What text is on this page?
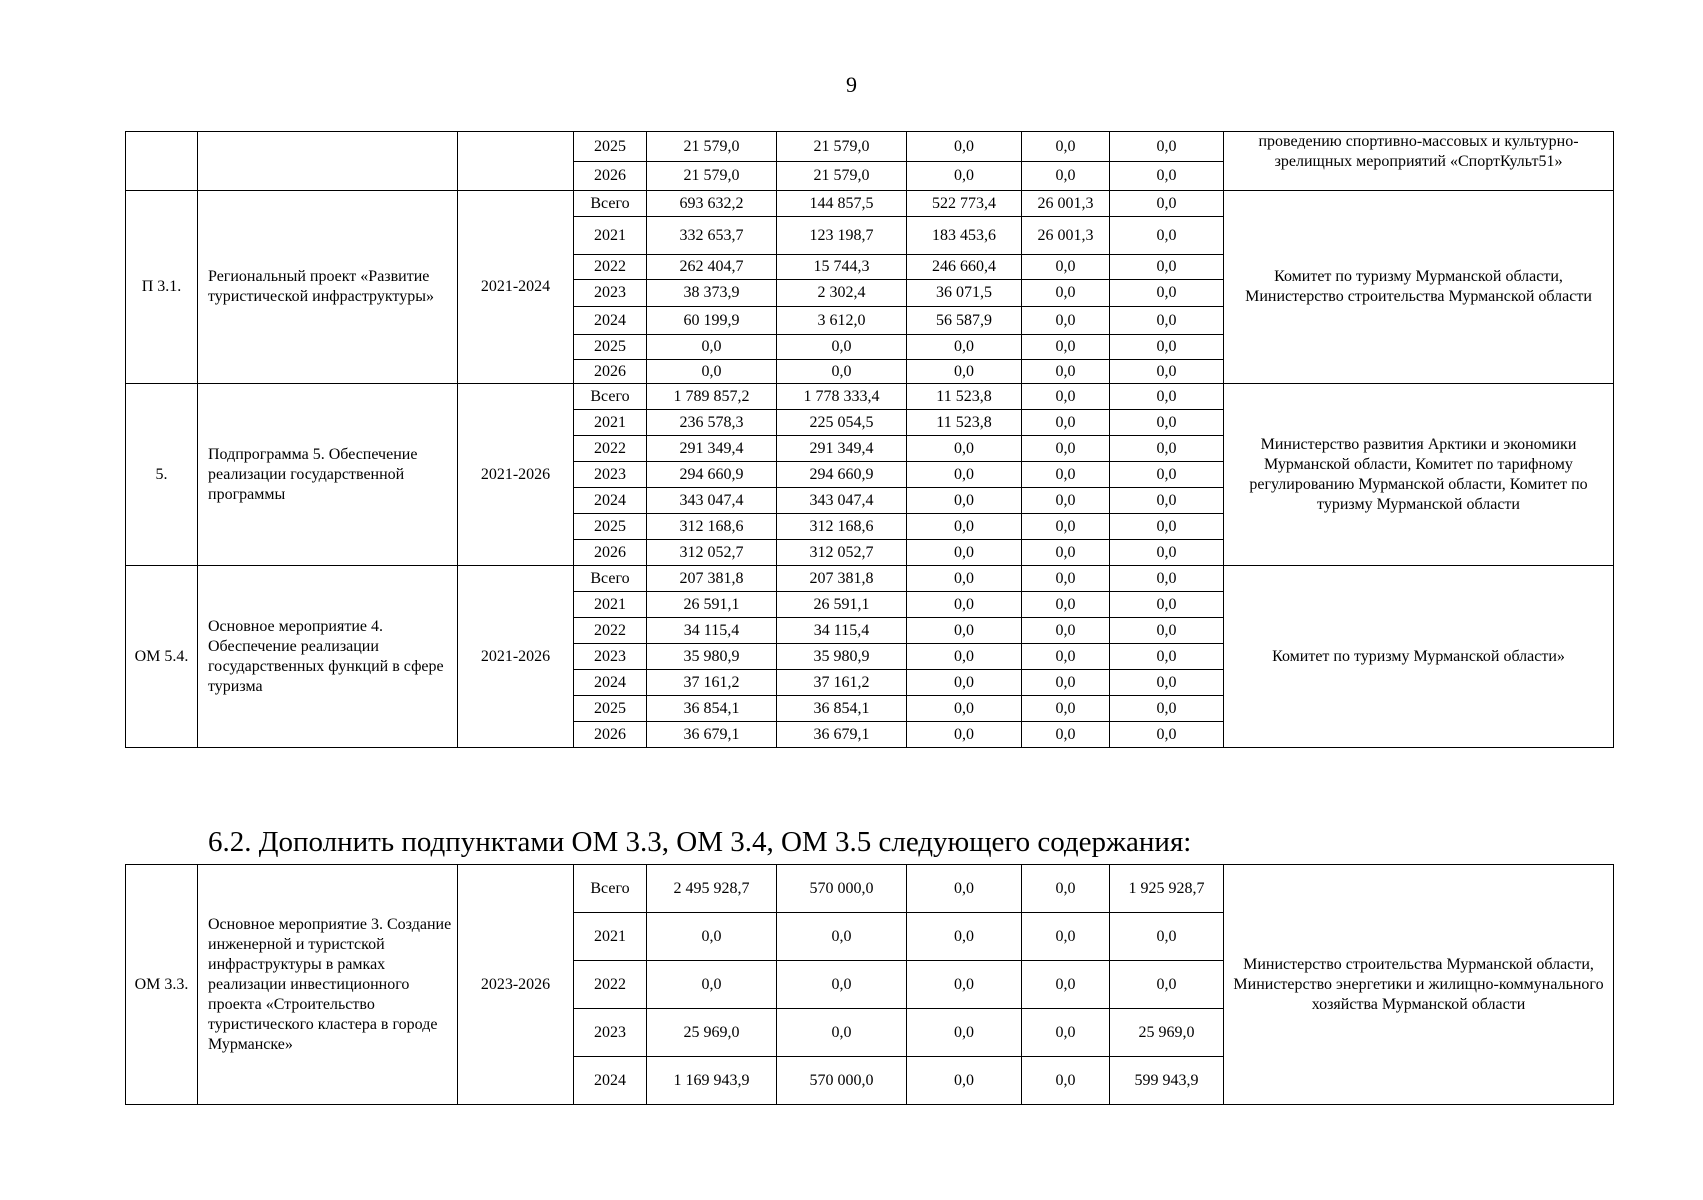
9
			2025	21 579,0	21 579,0	0,0	0,0	0,0	проведению спортивно-массовых и культурно-зрелищных мероприятий «СпортКульт51»
			2026	21 579,0	21 579,0	0,0	0,0	0,0	
П 3.1.	Региональный проект «Развитие туристической инфраструктуры»	2021-2024	Всего	693 632,2	144 857,5	522 773,4	26 001,3	0,0	Комитет по туризму Мурманской области, Министерство строительства Мурманской области
			2021	332 653,7	123 198,7	183 453,6	26 001,3	0,0	
			2022	262 404,7	15 744,3	246 660,4	0,0	0,0	
			2023	38 373,9	2 302,4	36 071,5	0,0	0,0	
			2024	60 199,9	3 612,0	56 587,9	0,0	0,0	
			2025	0,0	0,0	0,0	0,0	0,0	
			2026	0,0	0,0	0,0	0,0	0,0	
5.	Подпрограмма 5. Обеспечение реализации государственной программы	2021-2026	Всего	1 789 857,2	1 778 333,4	11 523,8	0,0	0,0	Министерство развития Арктики и экономики Мурманской области, Комитет по тарифному регулированию Мурманской области, Комитет по туризму Мурманской области
			2021	236 578,3	225 054,5	11 523,8	0,0	0,0	
			2022	291 349,4	291 349,4	0,0	0,0	0,0	
			2023	294 660,9	294 660,9	0,0	0,0	0,0	
			2024	343 047,4	343 047,4	0,0	0,0	0,0	
			2025	312 168,6	312 168,6	0,0	0,0	0,0	
			2026	312 052,7	312 052,7	0,0	0,0	0,0	
ОМ 5.4.	Основное мероприятие 4. Обеспечение реализации государственных функций в сфере туризма	2021-2026	Всего	207 381,8	207 381,8	0,0	0,0	0,0	Комитет по туризму Мурманской области»
			2021	26 591,1	26 591,1	0,0	0,0	0,0	
			2022	34 115,4	34 115,4	0,0	0,0	0,0	
			2023	35 980,9	35 980,9	0,0	0,0	0,0	
			2024	37 161,2	37 161,2	0,0	0,0	0,0	
			2025	36 854,1	36 854,1	0,0	0,0	0,0	
			2026	36 679,1	36 679,1	0,0	0,0	0,0	
6.2. Дополнить подпунктами ОМ 3.3, ОМ 3.4, ОМ 3.5 следующего содержания:
ОМ 3.3.	Основное мероприятие 3. Создание инженерной и туристской инфраструктуры в рамках реализации инвестиционного проекта «Строительство туристического кластера в городе Мурманске»	2023-2026	Всего	2 495 928,7	570 000,0	0,0	0,0	1 925 928,7	Министерство строительства Мурманской области, Министерство энергетики и жилищно-коммунального хозяйства Мурманской области
			2021	0,0	0,0	0,0	0,0	0,0	
			2022	0,0	0,0	0,0	0,0	0,0	
			2023	25 969,0	0,0	0,0	0,0	25 969,0	
			2024	1 169 943,9	570 000,0	0,0	0,0	599 943,9	
